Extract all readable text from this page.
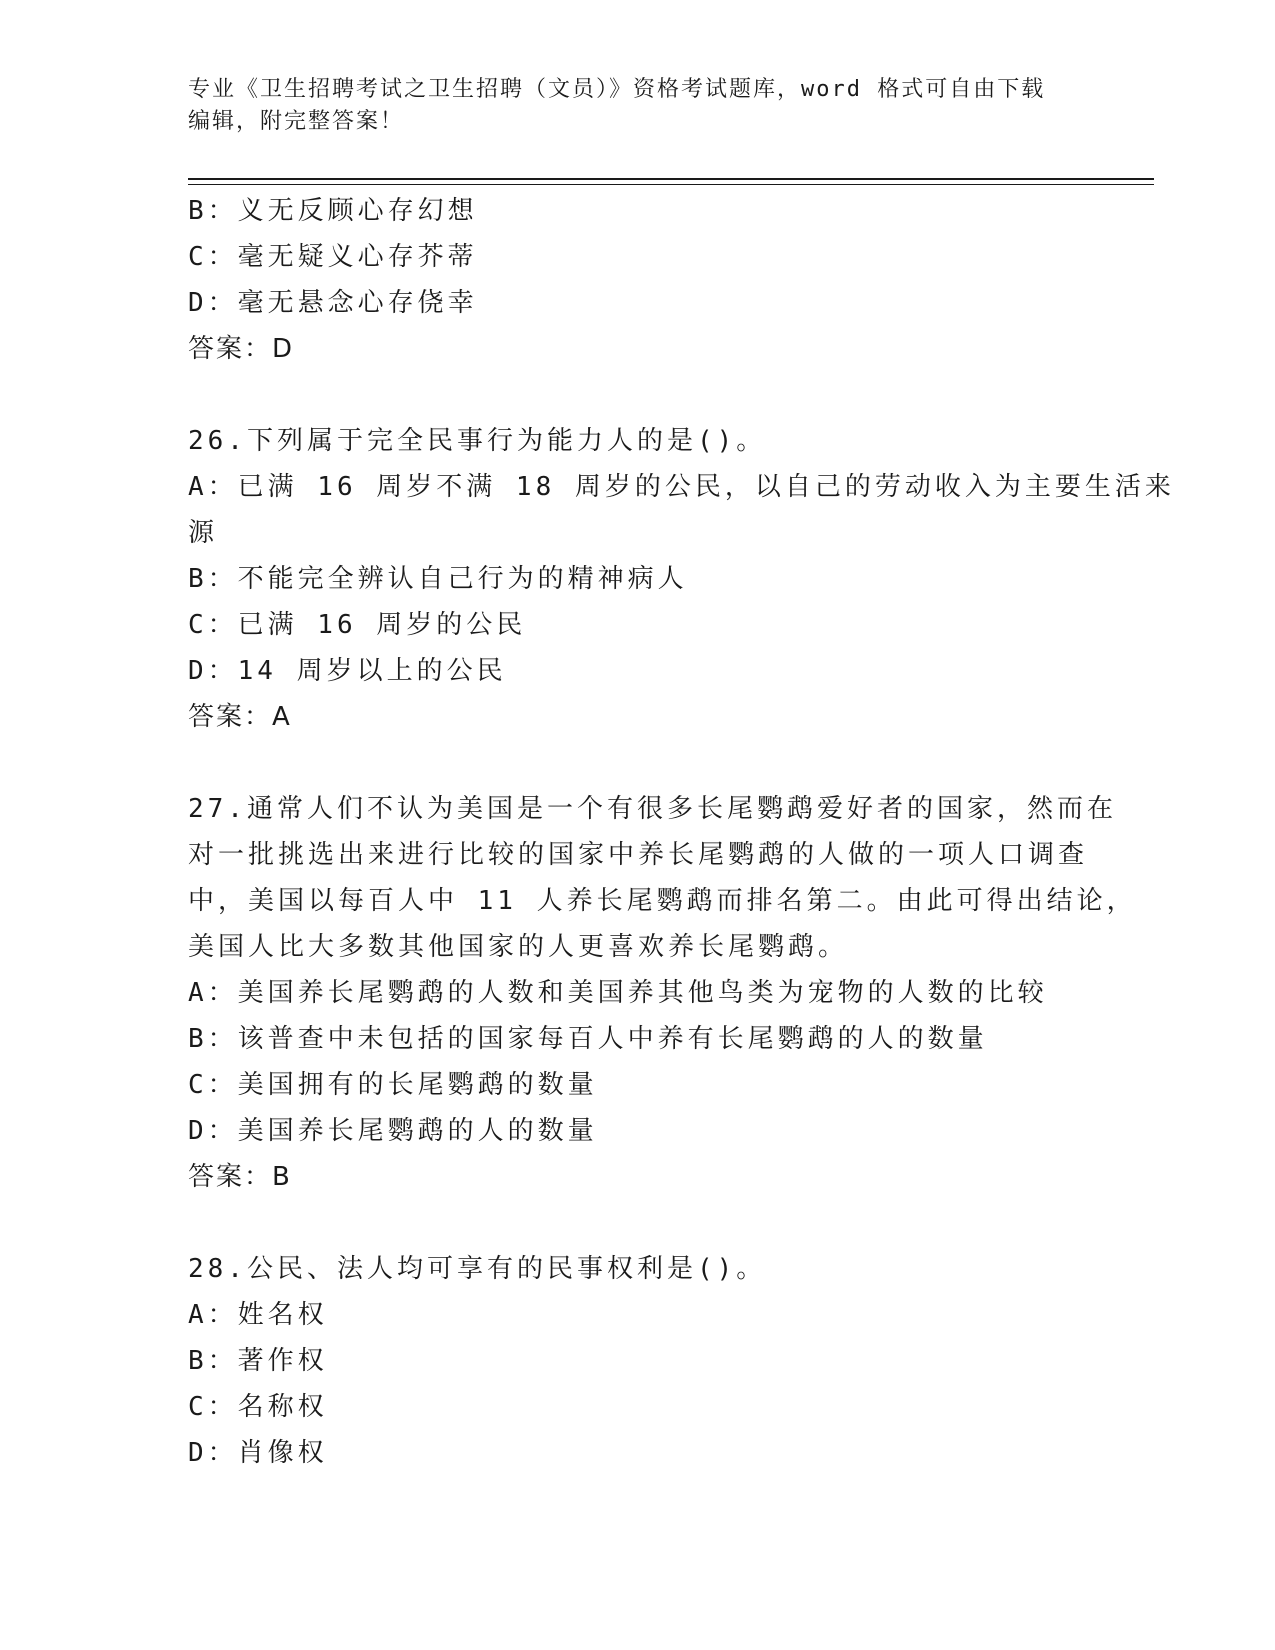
专业《卫生招聘考试之卫生招聘（文员）》资格考试题库，word 格式可自由下载
编辑，附完整答案！
B：义无反顾心存幻想
C：毫无疑义心存芥蒂
D：毫无悬念心存侥幸
答案：D
26.下列属于完全民事行为能力人的是()。
A：已满 16 周岁不满 18 周岁的公民，以自己的劳动收入为主要生活来
源
B：不能完全辨认自己行为的精神病人
C：已满 16 周岁的公民
D：14 周岁以上的公民
答案：A
27.通常人们不认为美国是一个有很多长尾鹦鹉爱好者的国家，然而在
对一批挑选出来进行比较的国家中养长尾鹦鹉的人做的一项人口调查
中，美国以每百人中 11 人养长尾鹦鹉而排名第二。由此可得出结论，
美国人比大多数其他国家的人更喜欢养长尾鹦鹉。
A：美国养长尾鹦鹉的人数和美国养其他鸟类为宠物的人数的比较
B：该普查中未包括的国家每百人中养有长尾鹦鹉的人的数量
C：美国拥有的长尾鹦鹉的数量
D：美国养长尾鹦鹉的人的数量
答案：B
28.公民、法人均可享有的民事权利是()。
A：姓名权
B：著作权
C：名称权
D：肖像权
